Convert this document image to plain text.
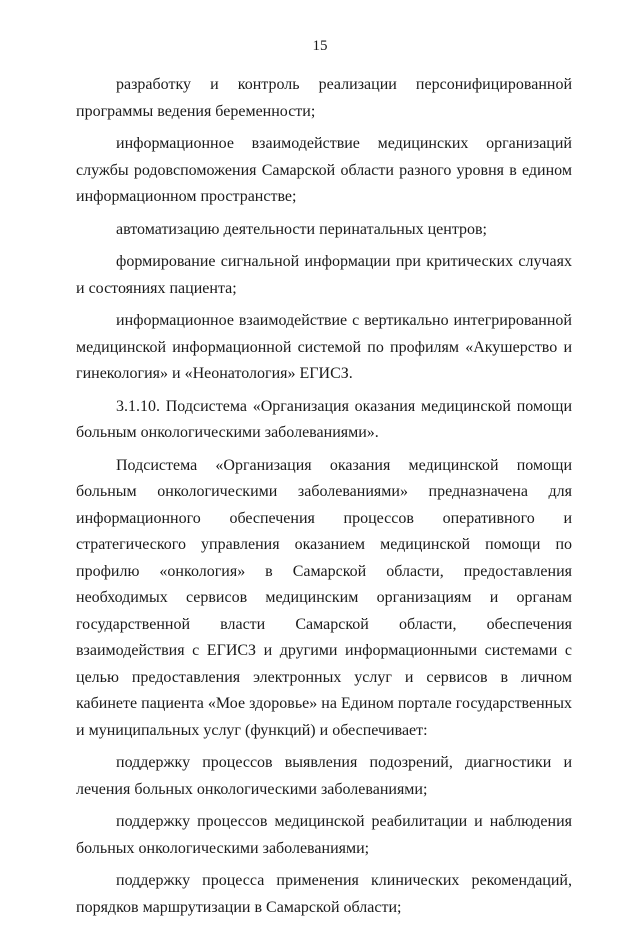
15

разработку и контроль реализации персонифицированной программы ведения беременности;

информационное взаимодействие медицинских организаций службы родовспоможения Самарской области разного уровня в едином информационном пространстве;

автоматизацию деятельности перинатальных центров;

формирование сигнальной информации при критических случаях и состояниях пациента;

информационное взаимодействие с вертикально интегрированной медицинской информационной системой по профилям «Акушерство и гинекология» и «Неонатология» ЕГИСЗ.

3.1.10. Подсистема «Организация оказания медицинской помощи больным онкологическими заболеваниями».

Подсистема «Организация оказания медицинской помощи больным онкологическими заболеваниями» предназначена для информационного обеспечения процессов оперативного и стратегического управления оказанием медицинской помощи по профилю «онкология» в Самарской области, предоставления необходимых сервисов медицинским организациям и органам государственной власти Самарской области, обеспечения взаимодействия с ЕГИСЗ и другими информационными системами с целью предоставления электронных услуг и сервисов в личном кабинете пациента «Мое здоровье» на Едином портале государственных и муниципальных услуг (функций) и обеспечивает:

поддержку процессов выявления подозрений, диагностики и лечения больных онкологическими заболеваниями;

поддержку процессов медицинской реабилитации и наблюдения больных онкологическими заболеваниями;

поддержку процесса применения клинических рекомендаций, порядков маршрутизации в Самарской области;
